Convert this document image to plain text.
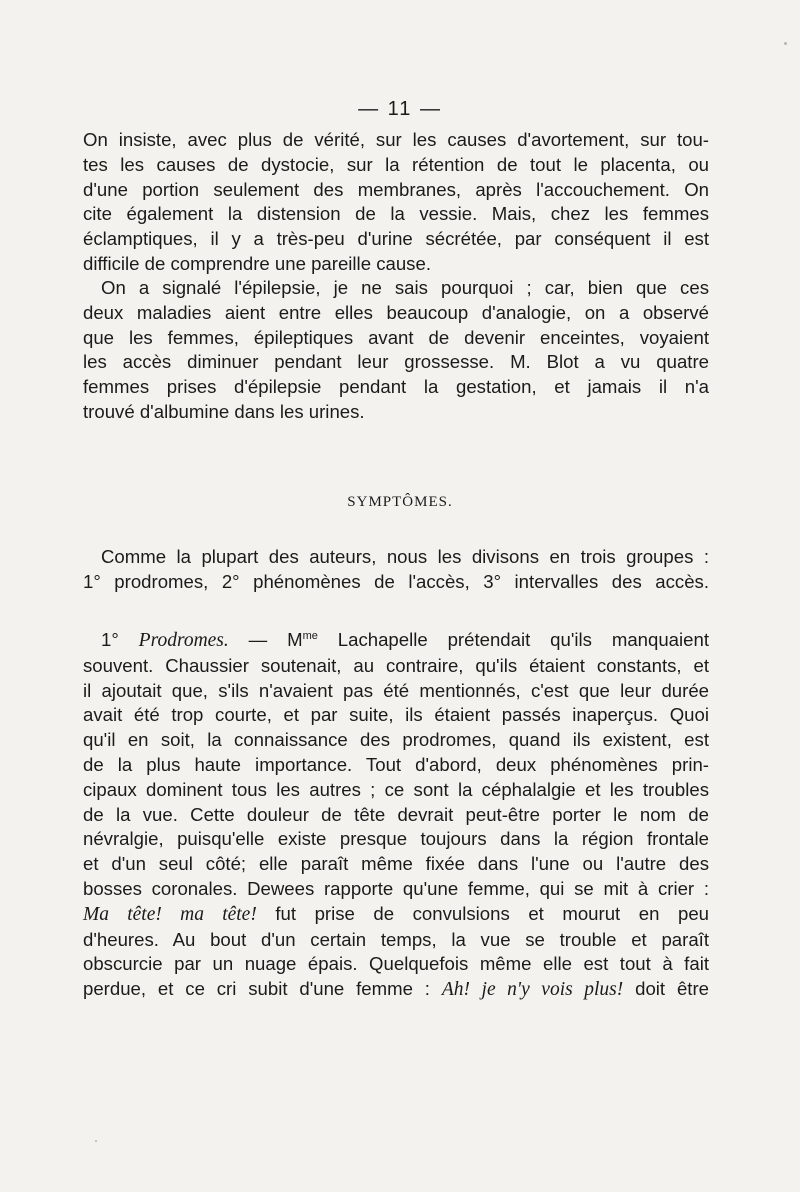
— 11 —
On insiste, avec plus de vérité, sur les causes d'avortement, sur tou-
tes les causes de dystocie, sur la rétention de tout le placenta, ou
d'une portion seulement des membranes, après l'accouchement. On
cite également la distension de la vessie. Mais, chez les femmes
éclamptiques, il y a très-peu d'urine sécrétée, par conséquent il est
difficile de comprendre une pareille cause.
On a signalé l'épilepsie, je ne sais pourquoi ; car, bien que ces
deux maladies aient entre elles beaucoup d'analogie, on a observé
que les femmes, épileptiques avant de devenir enceintes, voyaient
les accès diminuer pendant leur grossesse. M. Blot a vu quatre
femmes prises d'épilepsie pendant la gestation, et jamais il n'a
trouvé d'albumine dans les urines.
SYMPTÔMES.
Comme la plupart des auteurs, nous les divisons en trois groupes :
1° prodromes, 2° phénomènes de l'accès, 3° intervalles des accès.
1° Prodromes. — $M^{me}$ Lachapelle prétendait qu'ils manquaient
souvent. Chaussier soutenait, au contraire, qu'ils étaient constants, et
il ajoutait que, s'ils n'avaient pas été mentionnés, c'est que leur durée
avait été trop courte, et par suite, ils étaient passés inaperçus. Quoi
qu'il en soit, la connaissance des prodromes, quand ils existent, est
de la plus haute importance. Tout d'abord, deux phénomènes prin-
cipaux dominent tous les autres ; ce sont la céphalalgie et les troubles
de la vue. Cette douleur de tête devrait peut-être porter le nom de
névralgie, puisqu'elle existe presque toujours dans la région frontale
et d'un seul côté; elle paraît même fixée dans l'une ou l'autre des
bosses coronales. Dewees rapporte qu'une femme, qui se mit à crier :
Ma tête! ma tête! fut prise de convulsions et mourut en peu
d'heures. Au bout d'un certain temps, la vue se trouble et paraît
obscurcie par un nuage épais. Quelquefois même elle est tout à fait
perdue, et ce cri subit d'une femme : Ah! je n'y vois plus! doit être
